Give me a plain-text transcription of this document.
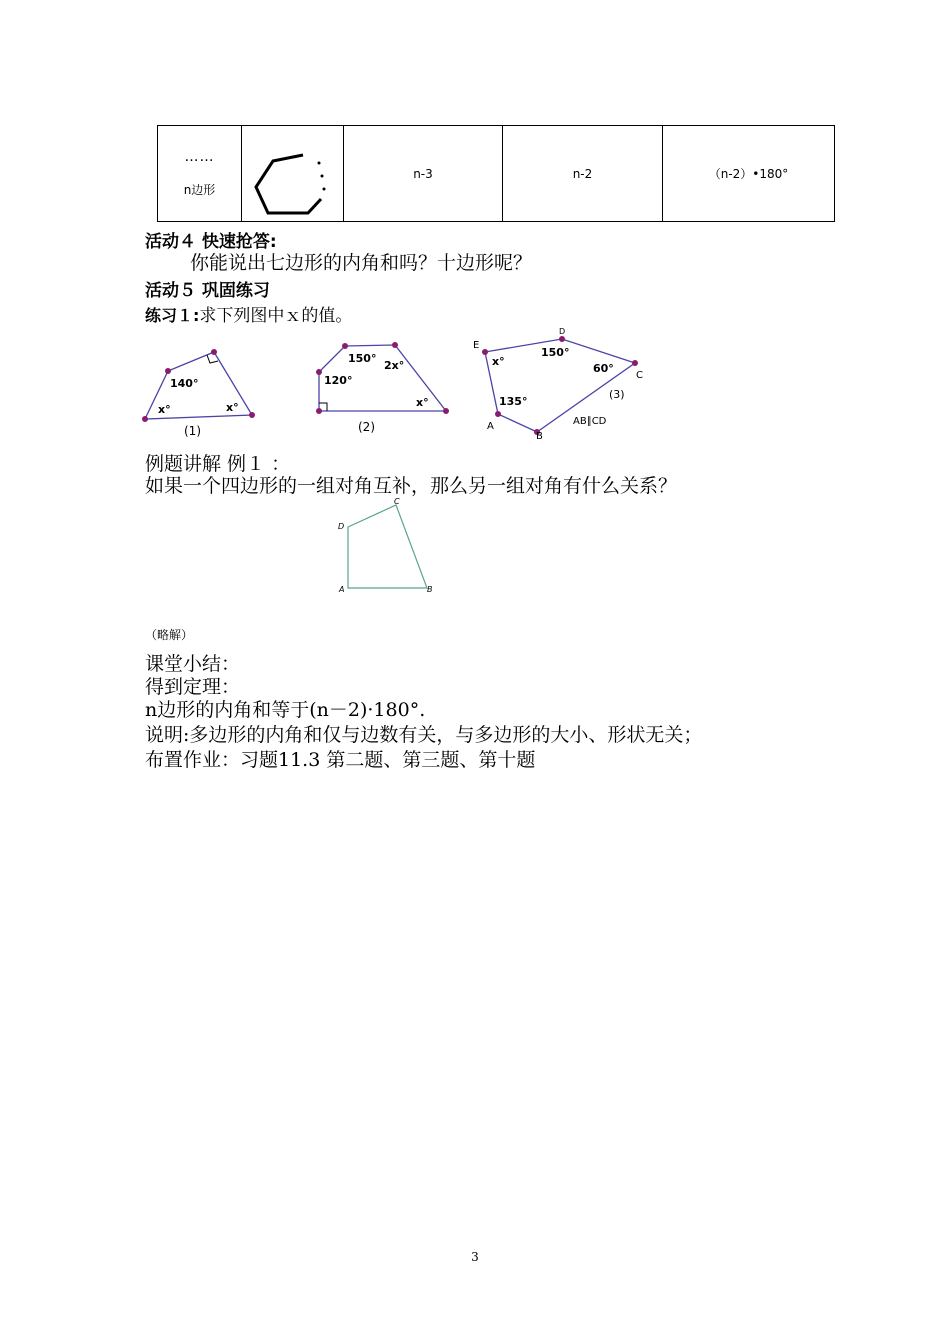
……
n边形		n-3	n-2	（n-2）•180°
活动４ 快速抢答:
你能说出七边形的内角和吗？十边形呢？
活动５ 巩固练习
练习１:求下列图中ｘ的值。
140°
x°	x°
(1)
150°
2x°
120°
x°
(2)
E
D
C
A
B
x°
150°
60°
135°
(3)
AB∥CD
例题讲解 例１ ：
如果一个四边形的一组对角互补，那么另一组对角有什么关系？
D
C
A	B
（略解）
课堂小结：
得到定理：
n边形的内角和等于(n－2)·180°.
说明:多边形的内角和仅与边数有关，与多边形的大小、形状无关；
布置作业：习题11.3 第二题、第三题、第十题
3
